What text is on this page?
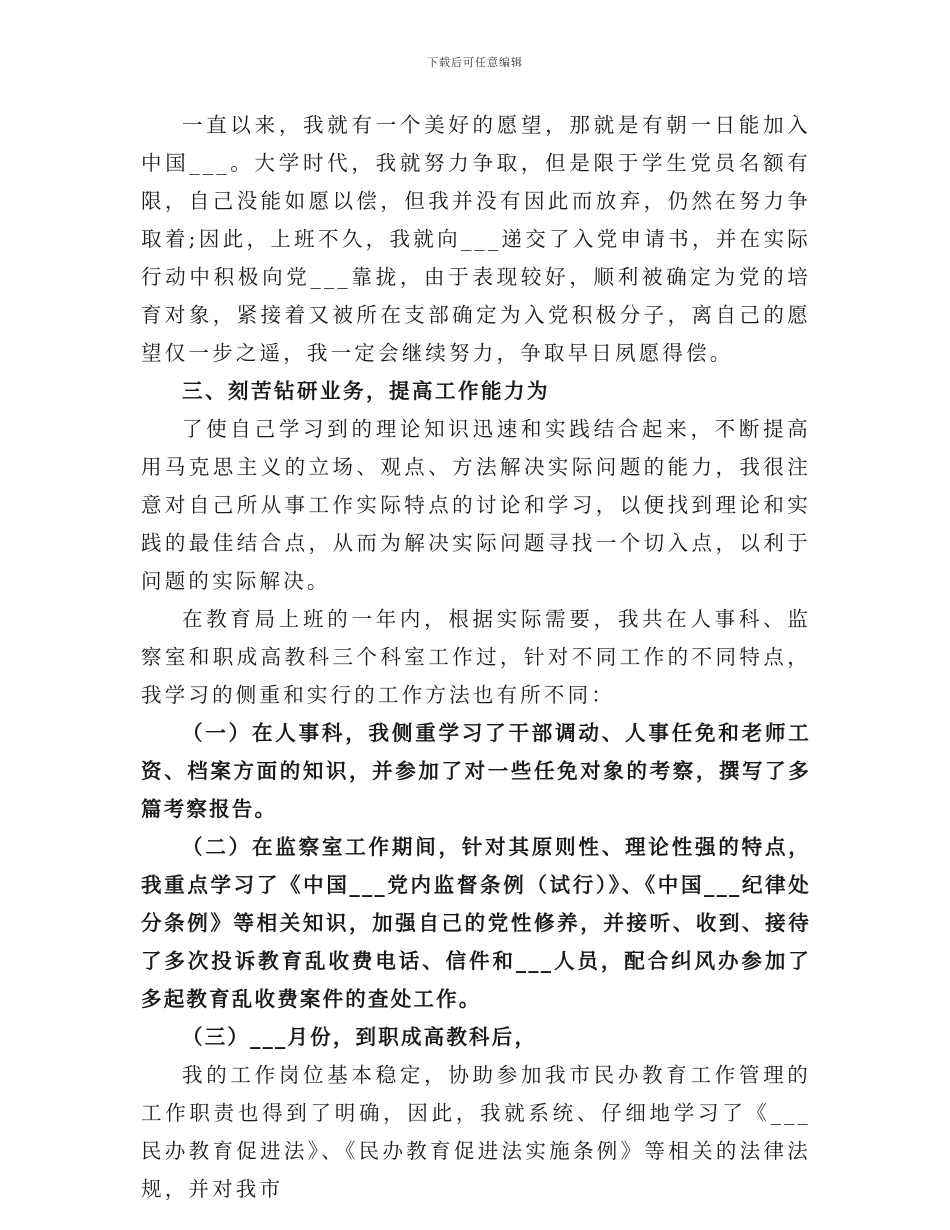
下载后可任意编辑

一直以来，我就有一个美好的愿望，那就是有朝一日能加入中国___。大学时代，我就努力争取，但是限于学生党员名额有限，自己没能如愿以偿，但我并没有因此而放弃，仍然在努力争取着;因此，上班不久，我就向___递交了入党申请书，并在实际行动中积极向党___靠拢，由于表现较好，顺利被确定为党的培育对象，紧接着又被所在支部确定为入党积极分子，离自己的愿望仅一步之遥，我一定会继续努力，争取早日夙愿得偿。

三、刻苦钻研业务，提高工作能力为

了使自己学习到的理论知识迅速和实践结合起来，不断提高用马克思主义的立场、观点、方法解决实际问题的能力，我很注意对自己所从事工作实际特点的讨论和学习，以便找到理论和实践的最佳结合点，从而为解决实际问题寻找一个切入点，以利于问题的实际解决。

在教育局上班的一年内，根据实际需要，我共在人事科、监察室和职成高教科三个科室工作过，针对不同工作的不同特点，我学习的侧重和实行的工作方法也有所不同：

（一）在人事科，我侧重学习了干部调动、人事任免和老师工资、档案方面的知识，并参加了对一些任免对象的考察，撰写了多篇考察报告。

（二）在监察室工作期间，针对其原则性、理论性强的特点，我重点学习了《中国___党内监督条例（试行）》、《中国___纪律处分条例》等相关知识，加强自己的党性修养，并接听、收到、接待了多次投诉教育乱收费电话、信件和___人员，配合纠风办参加了多起教育乱收费案件的查处工作。

（三）___月份，到职成高教科后，

我的工作岗位基本稳定，协助参加我市民办教育工作管理的工作职责也得到了明确，因此，我就系统、仔细地学习了《___民办教育促进法》、《民办教育促进法实施条例》等相关的法律法规，并对我市
